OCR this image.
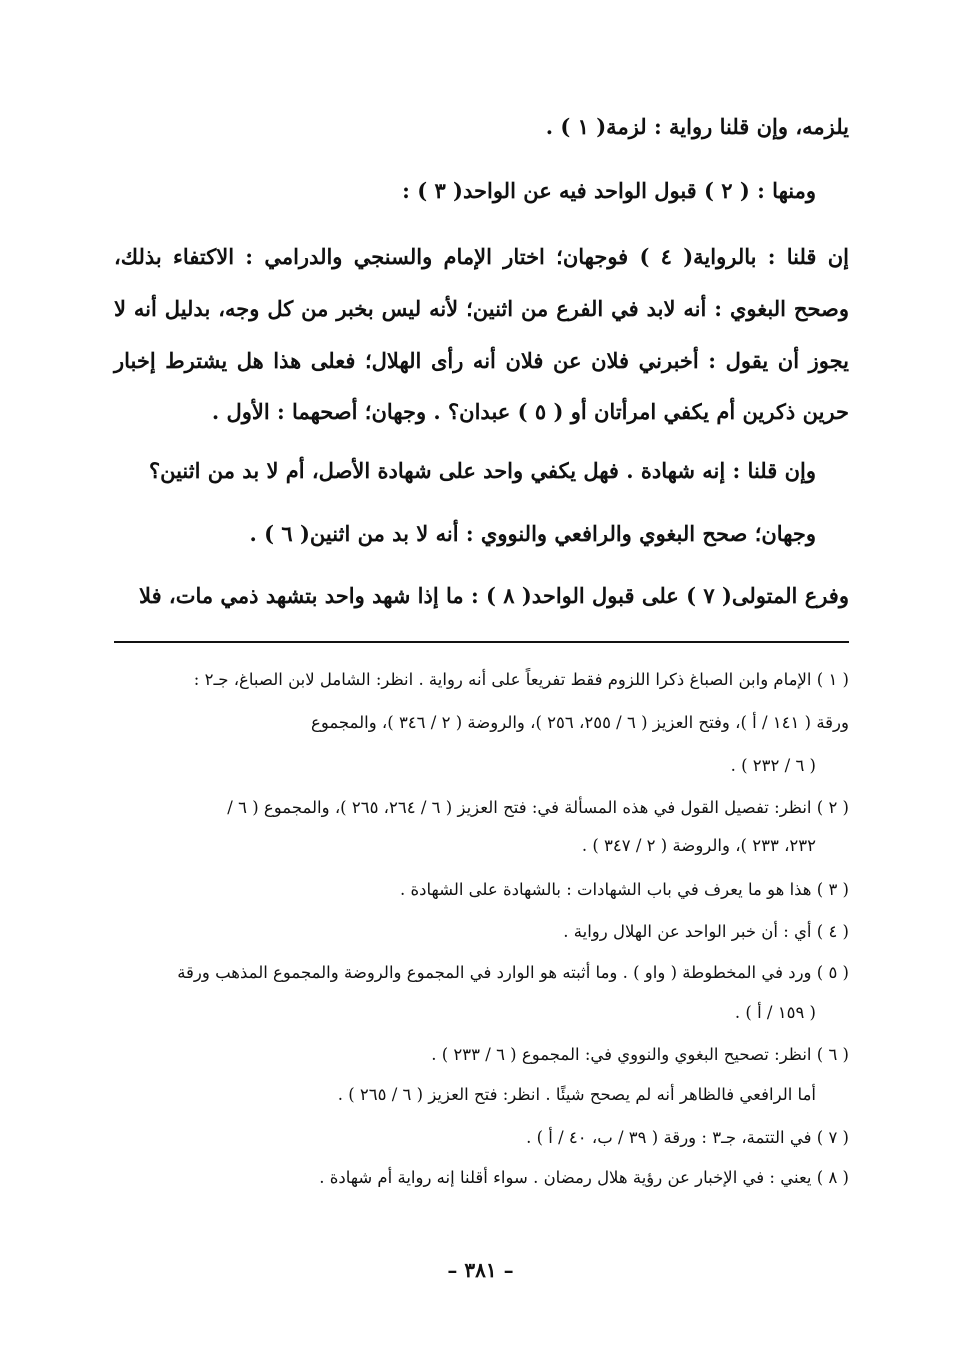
يلزمه، وإن قلنا رواية : لزمة( ١ ) .

ومنها : ( ٢ ) قبول الواحد فيه عن الواحد( ٣ ) :

إن قلنا : بالرواية( ٤ ) فوجهان؛ اختار الإمام والسنجي والدرامي : الاكتفاء بذلك،

وصحح البغوي : أنه لابد في الفرع من اثنين؛ لأنه ليس بخبر من كل وجه، بدليل أنه لا

يجوز أن يقول : أخبرني فلان عن فلان أنه رأى الهلال؛ فعلى هذا هل يشترط إخبار

حرين ذكرين أم يكفي امرأتان أو ( ٥ ) عبدان؟ . وجهان؛ أصحهما : الأول .

وإن قلنا : إنه شهادة . فهل يكفي واحد على شهادة الأصل، أم لا بد من اثنين؟

وجهان؛ صحح البغوي والرافعي والنووي : أنه لا بد من اثنين( ٦ ) .

وفرع المتولى( ٧ ) على قبول الواحد( ٨ ) : ما إذا شهد واحد بتشهد ذمي مات، فلا

( ١ ) الإمام وابن الصباغ ذكرا اللزوم فقط تفريعاً على أنه رواية . انظر: الشامل لابن الصباغ، جـ٢ :

ورقة ( ١٤١ / أ )، وفتح العزيز ( ٦ / ٢٥٥، ٢٥٦ )، والروضة ( ٢ / ٣٤٦ )، والمجموع

( ٦ / ٢٣٢ ) .

( ٢ ) انظر: تفصيل القول في هذه المسألة في: فتح العزيز ( ٦ / ٢٦٤، ٢٦٥ )، والمجموع ( ٦ /

٢٣٢، ٢٣٣ )، والروضة ( ٢ / ٣٤٧ ) .

( ٣ ) هذا هو ما يعرف في باب الشهادات : بالشهادة على الشهادة .

( ٤ ) أي : أن خبر الواحد عن الهلال رواية .

( ٥ ) ورد في المخطوطة ( واو ) . وما أثبته هو الوارد في المجموع والروضة والمجموع المذهب ورقة

( ١٥٩ / أ ) .

( ٦ ) انظر: تصحيح البغوي والنووي في: المجموع ( ٦ / ٢٣٣ ) .

أما الرافعي فالظاهر أنه لم يصحح شيئًا . انظر: فتح العزيز ( ٦ / ٢٦٥ ) .

( ٧ ) في التتمة، جـ٣ : ورقة ( ٣٩ / ب، ٤٠ / أ ) .

( ٨ ) يعني : في الإخبار عن رؤية هلال رمضان . سواء أقلنا إنه رواية أم شهادة .

– ٣٨١ –
